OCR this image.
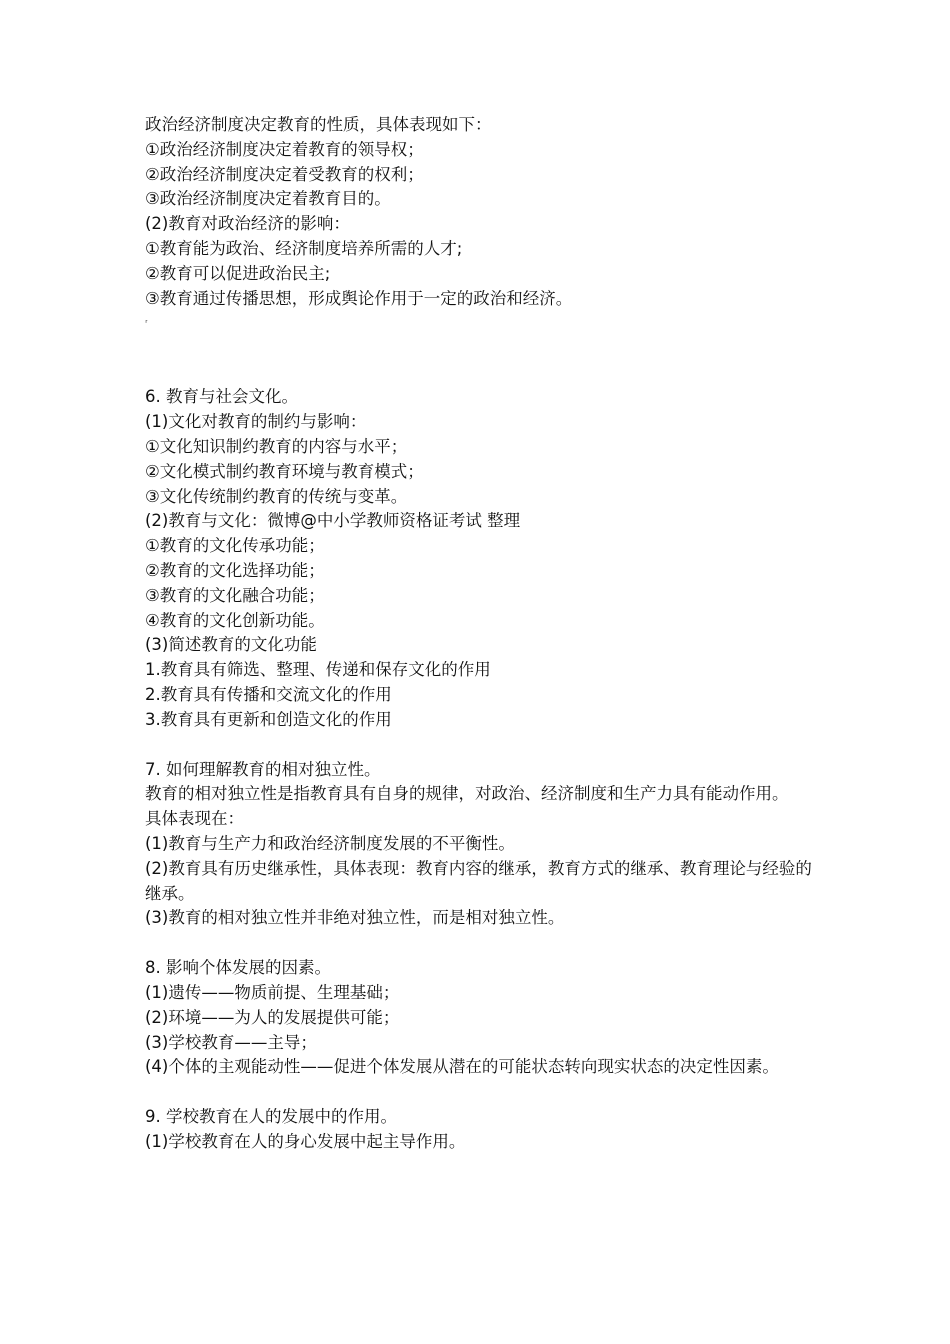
⸢
政治经济制度决定教育的性质，具体表现如下：
①政治经济制度决定着教育的领导权；
②政治经济制度决定着受教育的权利；
③政治经济制度决定着教育目的。
(2)教育对政治经济的影响：
①教育能为政治、经济制度培养所需的人才;
②教育可以促进政治民主;
③教育通过传播思想，形成舆论作用于一定的政治和经济。
6. 教育与社会文化。
(1)文化对教育的制约与影响：
①文化知识制约教育的内容与水平；
②文化模式制约教育环境与教育模式；
③文化传统制约教育的传统与变革。
(2)教育与文化：微博@中小学教师资格证考试 整理
①教育的文化传承功能；
②教育的文化选择功能；
③教育的文化融合功能；
④教育的文化创新功能。
(3)简述教育的文化功能
1.教育具有筛选、整理、传递和保存文化的作用
2.教育具有传播和交流文化的作用
3.教育具有更新和创造文化的作用
7. 如何理解教育的相对独立性。
教育的相对独立性是指教育具有自身的规律，对政治、经济制度和生产力具有能动作用。
具体表现在：
(1)教育与生产力和政治经济制度发展的不平衡性。
(2)教育具有历史继承性，具体表现：教育内容的继承，教育方式的继承、教育理论与经验的继承。
(3)教育的相对独立性并非绝对独立性，而是相对独立性。
8. 影响个体发展的因素。
(1)遗传——物质前提、生理基础；
(2)环境——为人的发展提供可能；
(3)学校教育——主导；
(4)个体的主观能动性——促进个体发展从潜在的可能状态转向现实状态的决定性因素。
9. 学校教育在人的发展中的作用。
(1)学校教育在人的身心发展中起主导作用。
